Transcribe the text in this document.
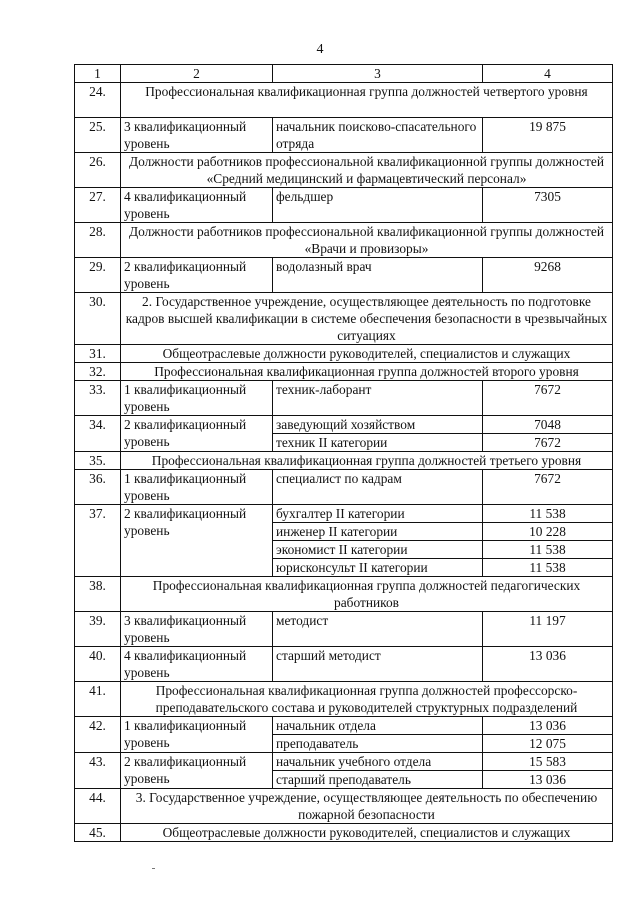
4
1	2	3	4
24.	Профессиональная квалификационная группа должностей четвертого уровня		
25.	3 квалификационный уровень	начальник поисково-спасательного отряда	19 875
26.	Должности работников профессиональной квалификационной группы должностей «Средний медицинский и фармацевтический персонал»		
27.	4 квалификационный уровень	фельдшер	7305
28.	Должности работников профессиональной квалификационной группы должностей «Врачи и провизоры»		
29.	2 квалификационный уровень	водолазный врач	9268
30.	2. Государственное учреждение, осуществляющее деятельность по подготовке кадров высшей квалификации в системе обеспечения безопасности в чрезвычайных ситуациях		
31.	Общеотраслевые должности руководителей, специалистов и служащих		
32.	Профессиональная квалификационная группа должностей второго уровня		
33.	1 квалификационный уровень	техник-лаборант	7672
34.	2 квалификационный уровень	заведующий хозяйством	7048
		техник II категории	7672
35.	Профессиональная квалификационная группа должностей третьего уровня		
36.	1 квалификационный уровень	специалист по кадрам	7672
37.	2 квалификационный уровень	бухгалтер II категории	11 538
		инженер II категории	10 228
		экономист II категории	11 538
		юрисконсульт II категории	11 538
38.	Профессиональная квалификационная группа должностей педагогических работников		
39.	3 квалификационный уровень	методист	11 197
40.	4 квалификационный уровень	старший методист	13 036
41.	Профессиональная квалификационная группа должностей профессорско-преподавательского состава и руководителей структурных подразделений		
42.	1 квалификационный уровень	начальник отдела	13 036
		преподаватель	12 075
43.	2 квалификационный уровень	начальник учебного отдела	15 583
		старший преподаватель	13 036
44.	3. Государственное учреждение, осуществляющее деятельность по обеспечению пожарной безопасности		
45.	Общеотраслевые должности руководителей, специалистов и служащих		
